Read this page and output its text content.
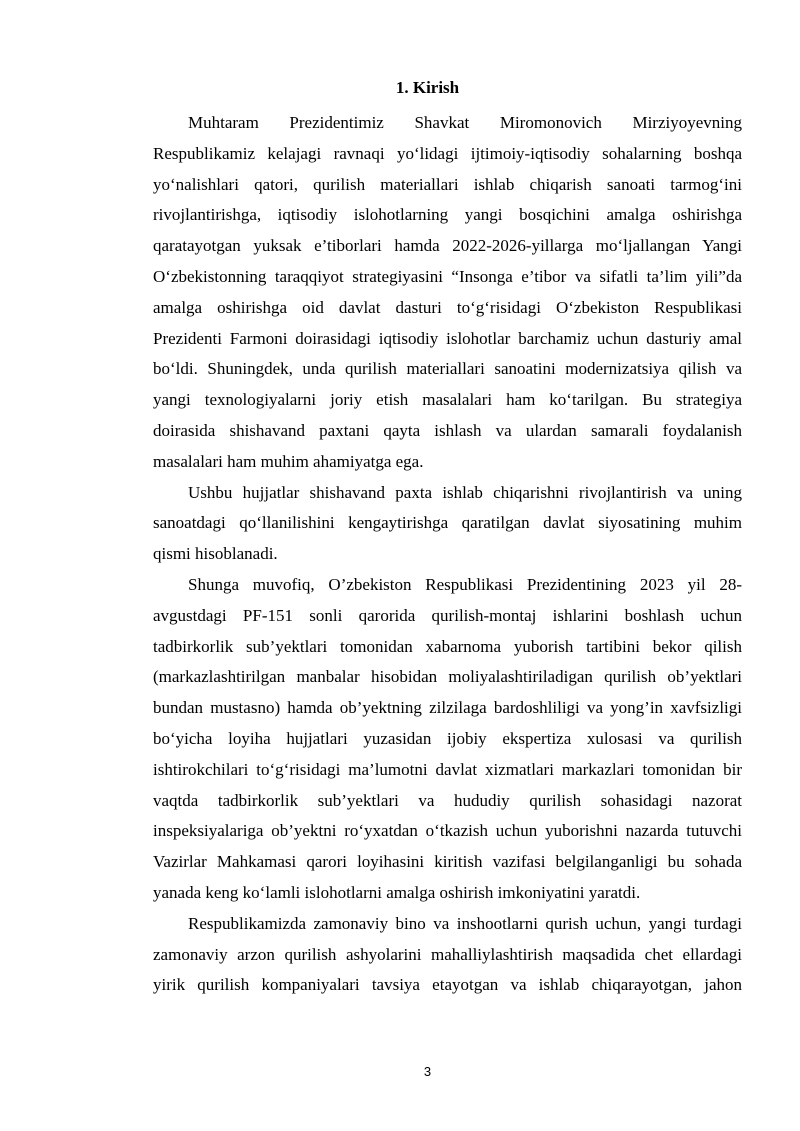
1. Kirish
Muhtaram Prezidentimiz Shavkat Miromonovich Mirziyoyevning
Respublikamiz kelajagi ravnaqi yo‘lidagi ijtimoiy-iqtisodiy sohalarning boshqa
yo‘nalishlari qatori, qurilish materiallari ishlab chiqarish sanoati tarmog‘ini
rivojlantirishga, iqtisodiy islohotlarning yangi bosqichini amalga oshirishga
qaratayotgan yuksak e’tiborlari hamda 2022-2026-yillarga mo‘ljallangan Yangi
O‘zbekistonning taraqqiyot strategiyasini “Insonga e’tibor va sifatli ta’lim yili”da
amalga oshirishga oid davlat dasturi to‘g‘risidagi O‘zbekiston Respublikasi
Prezidenti Farmoni doirasidagi iqtisodiy islohotlar barchamiz uchun dasturiy amal
bo‘ldi. Shuningdek, unda qurilish materiallari sanoatini modernizatsiya qilish va
yangi texnologiyalarni joriy etish masalalari ham ko‘tarilgan. Bu strategiya
doirasida shishavand paxtani qayta ishlash va ulardan samarali foydalanish
masalalari ham muhim ahamiyatga ega.
Ushbu hujjatlar shishavand paxta ishlab chiqarishni rivojlantirish va uning
sanoatdagi qo‘llanilishini kengaytirishga qaratilgan davlat siyosatining muhim
qismi hisoblanadi.
Shunga muvofiq, O’zbekiston Respublikasi Prezidentining 2023 yil 28-
avgustdagi PF-151 sonli qarorida qurilish-montaj ishlarini boshlash uchun
tadbirkorlik sub’yektlari tomonidan xabarnoma yuborish tartibini bekor qilish
(markazlashtirilgan manbalar hisobidan moliyalashtiriladigan qurilish ob’yektlari
bundan mustasno) hamda ob’yektning zilzilaga bardoshliligi va yong’in xavfsizligi
bo‘yicha loyiha hujjatlari yuzasidan ijobiy ekspertiza xulosasi va qurilish
ishtirokchilari to‘g‘risidagi ma’lumotni davlat xizmatlari markazlari tomonidan bir
vaqtda tadbirkorlik sub’yektlari va hududiy qurilish sohasidagi nazorat
inspeksiyalariga ob’yektni ro‘yxatdan o‘tkazish uchun yuborishni nazarda tutuvchi
Vazirlar Mahkamasi qarori loyihasini kiritish vazifasi belgilanganligi bu sohada
yanada keng ko‘lamli islohotlarni amalga oshirish imkoniyatini yaratdi.
Respublikamizda zamonaviy bino va inshootlarni qurish uchun, yangi turdagi
zamonaviy arzon qurilish ashyolarini mahalliylashtirish maqsadida chet ellardagi
yirik qurilish kompaniyalari tavsiya etayotgan va ishlab chiqarayotgan, jahon
3
